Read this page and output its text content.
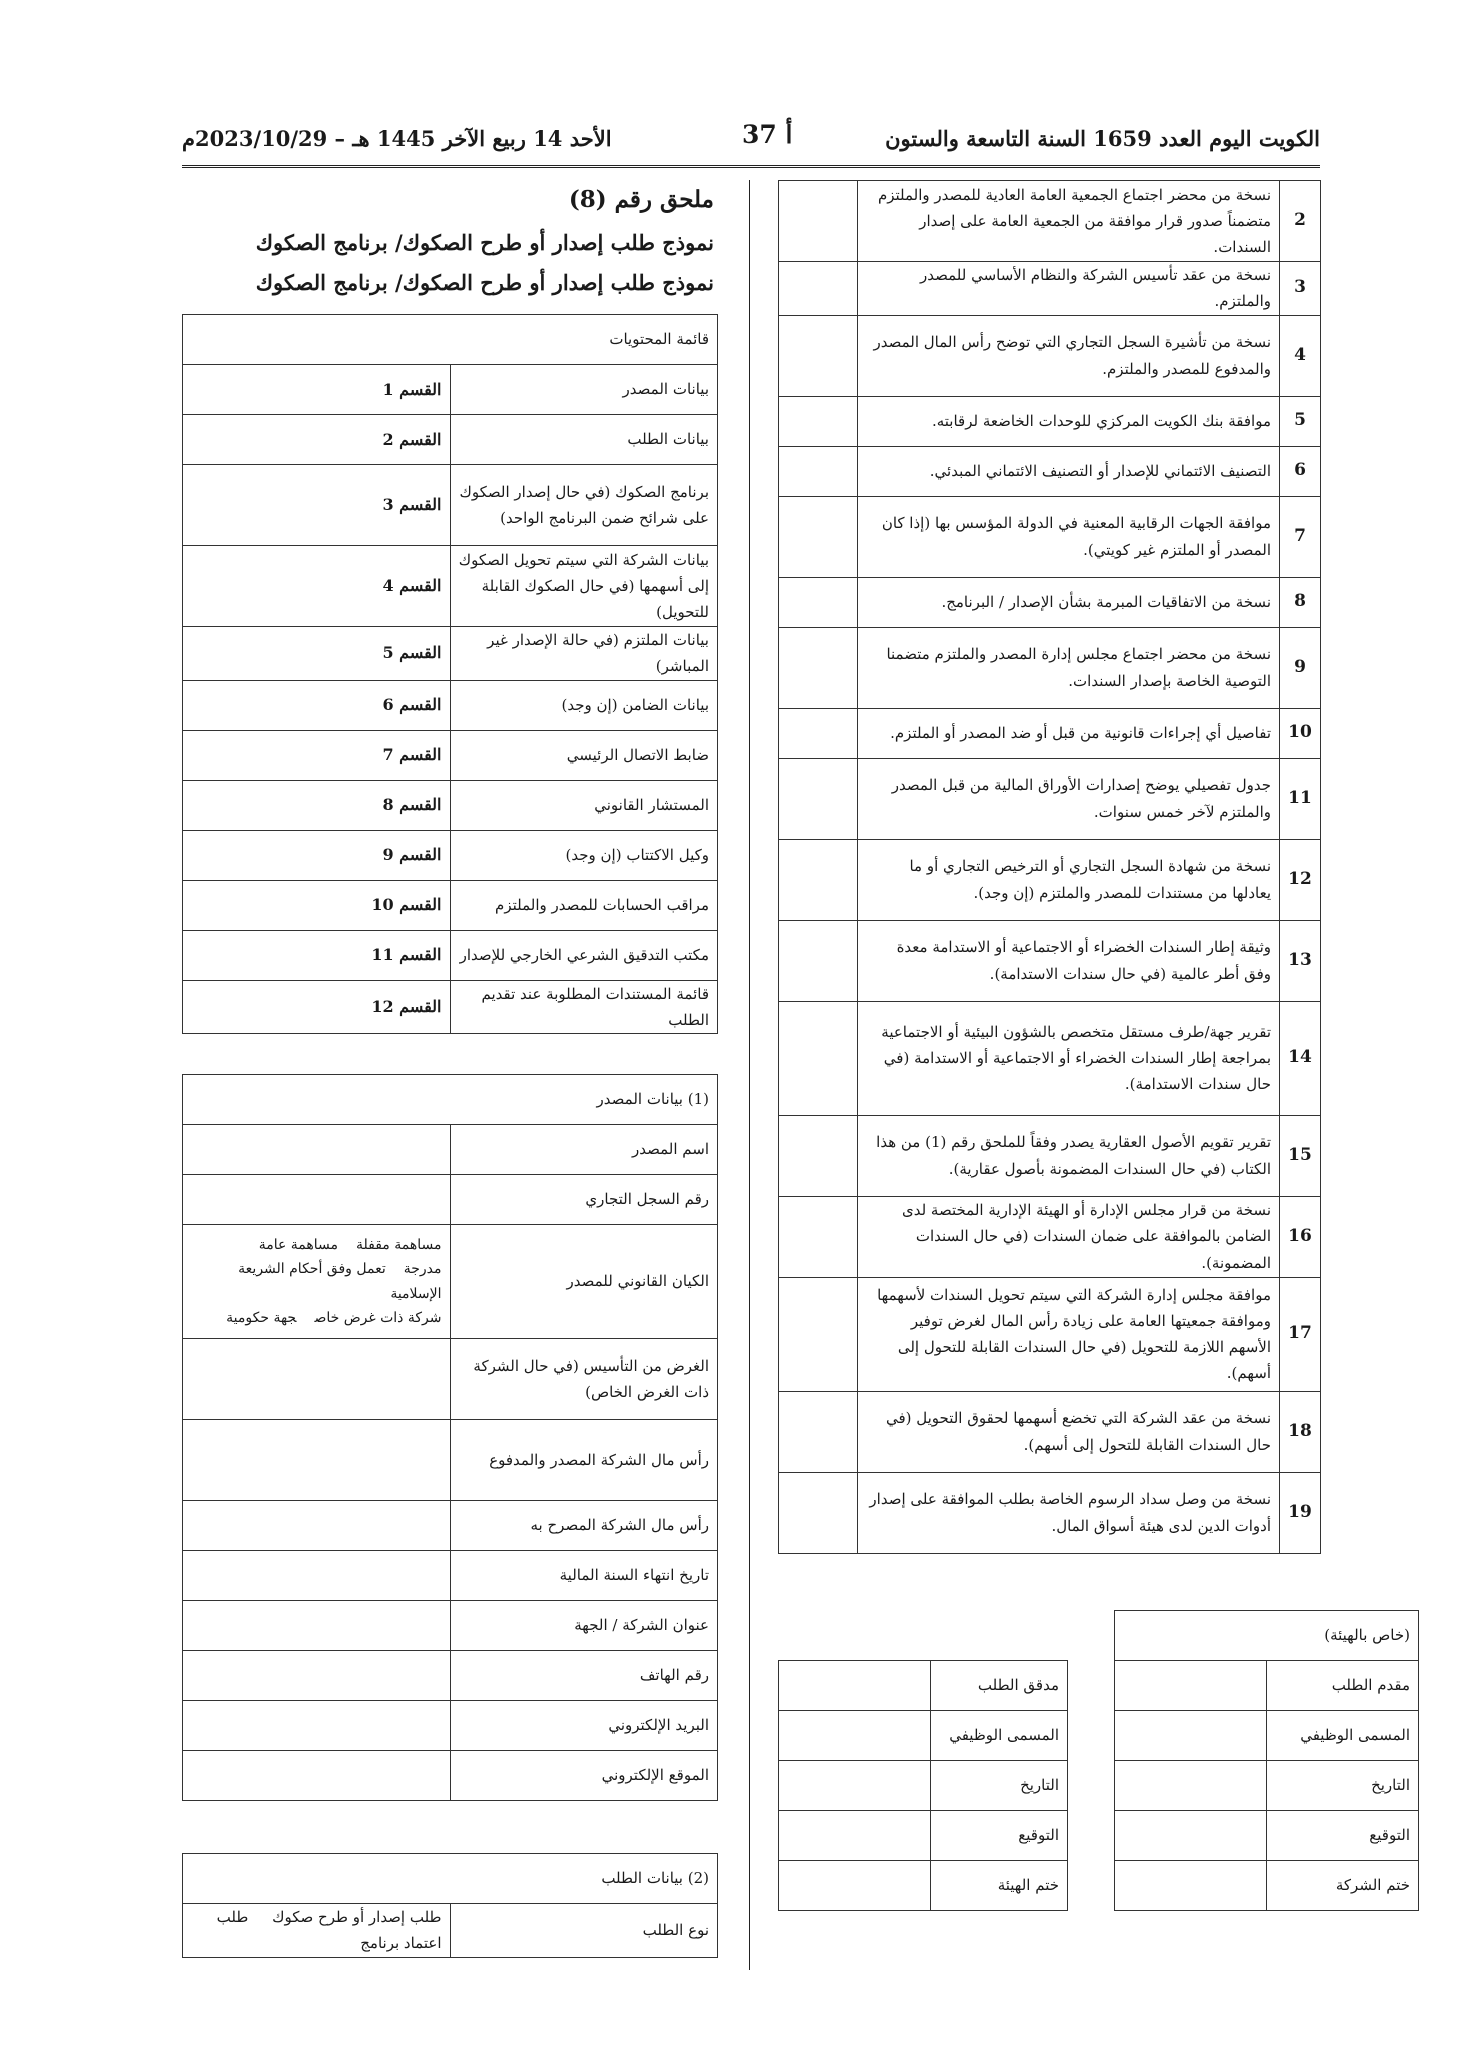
الكويت اليوم العدد 1659 السنة التاسعة والستون
أ 37
الأحد 14 ربيع الآخر 1445 هـ – 2023/10/29م
2	نسخة من محضر اجتماع الجمعية العامة العادية للمصدر والملتزم متضمناً صدور قرار موافقة من الجمعية العامة على إصدار السندات.	
3	نسخة من عقد تأسيس الشركة والنظام الأساسي للمصدر والملتزم.	
4	نسخة من تأشيرة السجل التجاري التي توضح رأس المال المصدر والمدفوع للمصدر والملتزم.	
5	موافقة بنك الكويت المركزي للوحدات الخاضعة لرقابته.	
6	التصنيف الائتماني للإصدار أو التصنيف الائتماني المبدئي.	
7	موافقة الجهات الرقابية المعنية في الدولة المؤسس بها (إذا كان المصدر أو الملتزم غير كويتي).	
8	نسخة من الاتفاقيات المبرمة بشأن الإصدار / البرنامج.	
9	نسخة من محضر اجتماع مجلس إدارة المصدر والملتزم متضمنا التوصية الخاصة بإصدار السندات.	
10	تفاصيل أي إجراءات قانونية من قبل أو ضد المصدر أو الملتزم.	
11	جدول تفصيلي يوضح إصدارات الأوراق المالية من قبل المصدر والملتزم لآخر خمس سنوات.	
12	نسخة من شهادة السجل التجاري أو الترخيص التجاري أو ما يعادلها من مستندات للمصدر والملتزم (إن وجد).	
13	وثيقة إطار السندات الخضراء أو الاجتماعية أو الاستدامة معدة وفق أطر عالمية (في حال سندات الاستدامة).	
14	تقرير جهة/طرف مستقل متخصص بالشؤون البيئية أو الاجتماعية بمراجعة إطار السندات الخضراء أو الاجتماعية أو الاستدامة (في حال سندات الاستدامة).	
15	تقرير تقويم الأصول العقارية يصدر وفقاً للملحق رقم (1) من هذا الكتاب (في حال السندات المضمونة بأصول عقارية).	
16	نسخة من قرار مجلس الإدارة أو الهيئة الإدارية المختصة لدى الضامن بالموافقة على ضمان السندات (في حال السندات المضمونة).	
17	موافقة مجلس إدارة الشركة التي سيتم تحويل السندات لأسهمها وموافقة جمعيتها العامة على زيادة رأس المال لغرض توفير الأسهم اللازمة للتحويل (في حال السندات القابلة للتحول إلى أسهم).	
18	نسخة من عقد الشركة التي تخضع أسهمها لحقوق التحويل (في حال السندات القابلة للتحول إلى أسهم).	
19	نسخة من وصل سداد الرسوم الخاصة بطلب الموافقة على إصدار أدوات الدين لدى هيئة أسواق المال.	
(خاص بالهيئة)				
مقدم الطلب			مدقق الطلب	
المسمى الوظيفي			المسمى الوظيفي	
التاريخ			التاريخ	
التوقيع			التوقيع	
ختم الشركة			ختم الهيئة	
ملحق رقم (8)
نموذج طلب إصدار أو طرح الصكوك/ برنامج الصكوك
نموذج طلب إصدار أو طرح الصكوك/ برنامج الصكوك
قائمة المحتويات	
بيانات المصدر	القسم 1
بيانات الطلب	القسم 2
برنامج الصكوك (في حال إصدار الصكوك على شرائح ضمن البرنامج الواحد)	القسم 3
بيانات الشركة التي سيتم تحويل الصكوك إلى أسهمها (في حال الصكوك القابلة للتحويل)	القسم 4
بيانات الملتزم (في حالة الإصدار غير المباشر)	القسم 5
بيانات الضامن (إن وجد)	القسم 6
ضابط الاتصال الرئيسي	القسم 7
المستشار القانوني	القسم 8
وكيل الاكتتاب (إن وجد)	القسم 9
مراقب الحسابات للمصدر والملتزم	القسم 10
مكتب التدقيق الشرعي الخارجي للإصدار	القسم 11
قائمة المستندات المطلوبة عند تقديم الطلب	القسم 12
(1) بيانات المصدر	
اسم المصدر	
رقم السجل التجاري	
الكيان القانوني للمصدر	مساهمة مقفلةمساهمة عامة
مدرجةتعمل وفق أحكام الشريعة الإسلامية
شركة ذات غرض خاصجهة حكومية

الغرض من التأسيس (في حال الشركة ذات الغرض الخاص)	
رأس مال الشركة المصدر والمدفوع	
رأس مال الشركة المصرح به	
تاريخ انتهاء السنة المالية	
عنوان الشركة / الجهة	
رقم الهاتف	
البريد الإلكتروني	
الموقع الإلكتروني	
(2) بيانات الطلب
نوع الطلب	طلب إصدار أو طرح صكوك     طلب اعتماد برنامج
